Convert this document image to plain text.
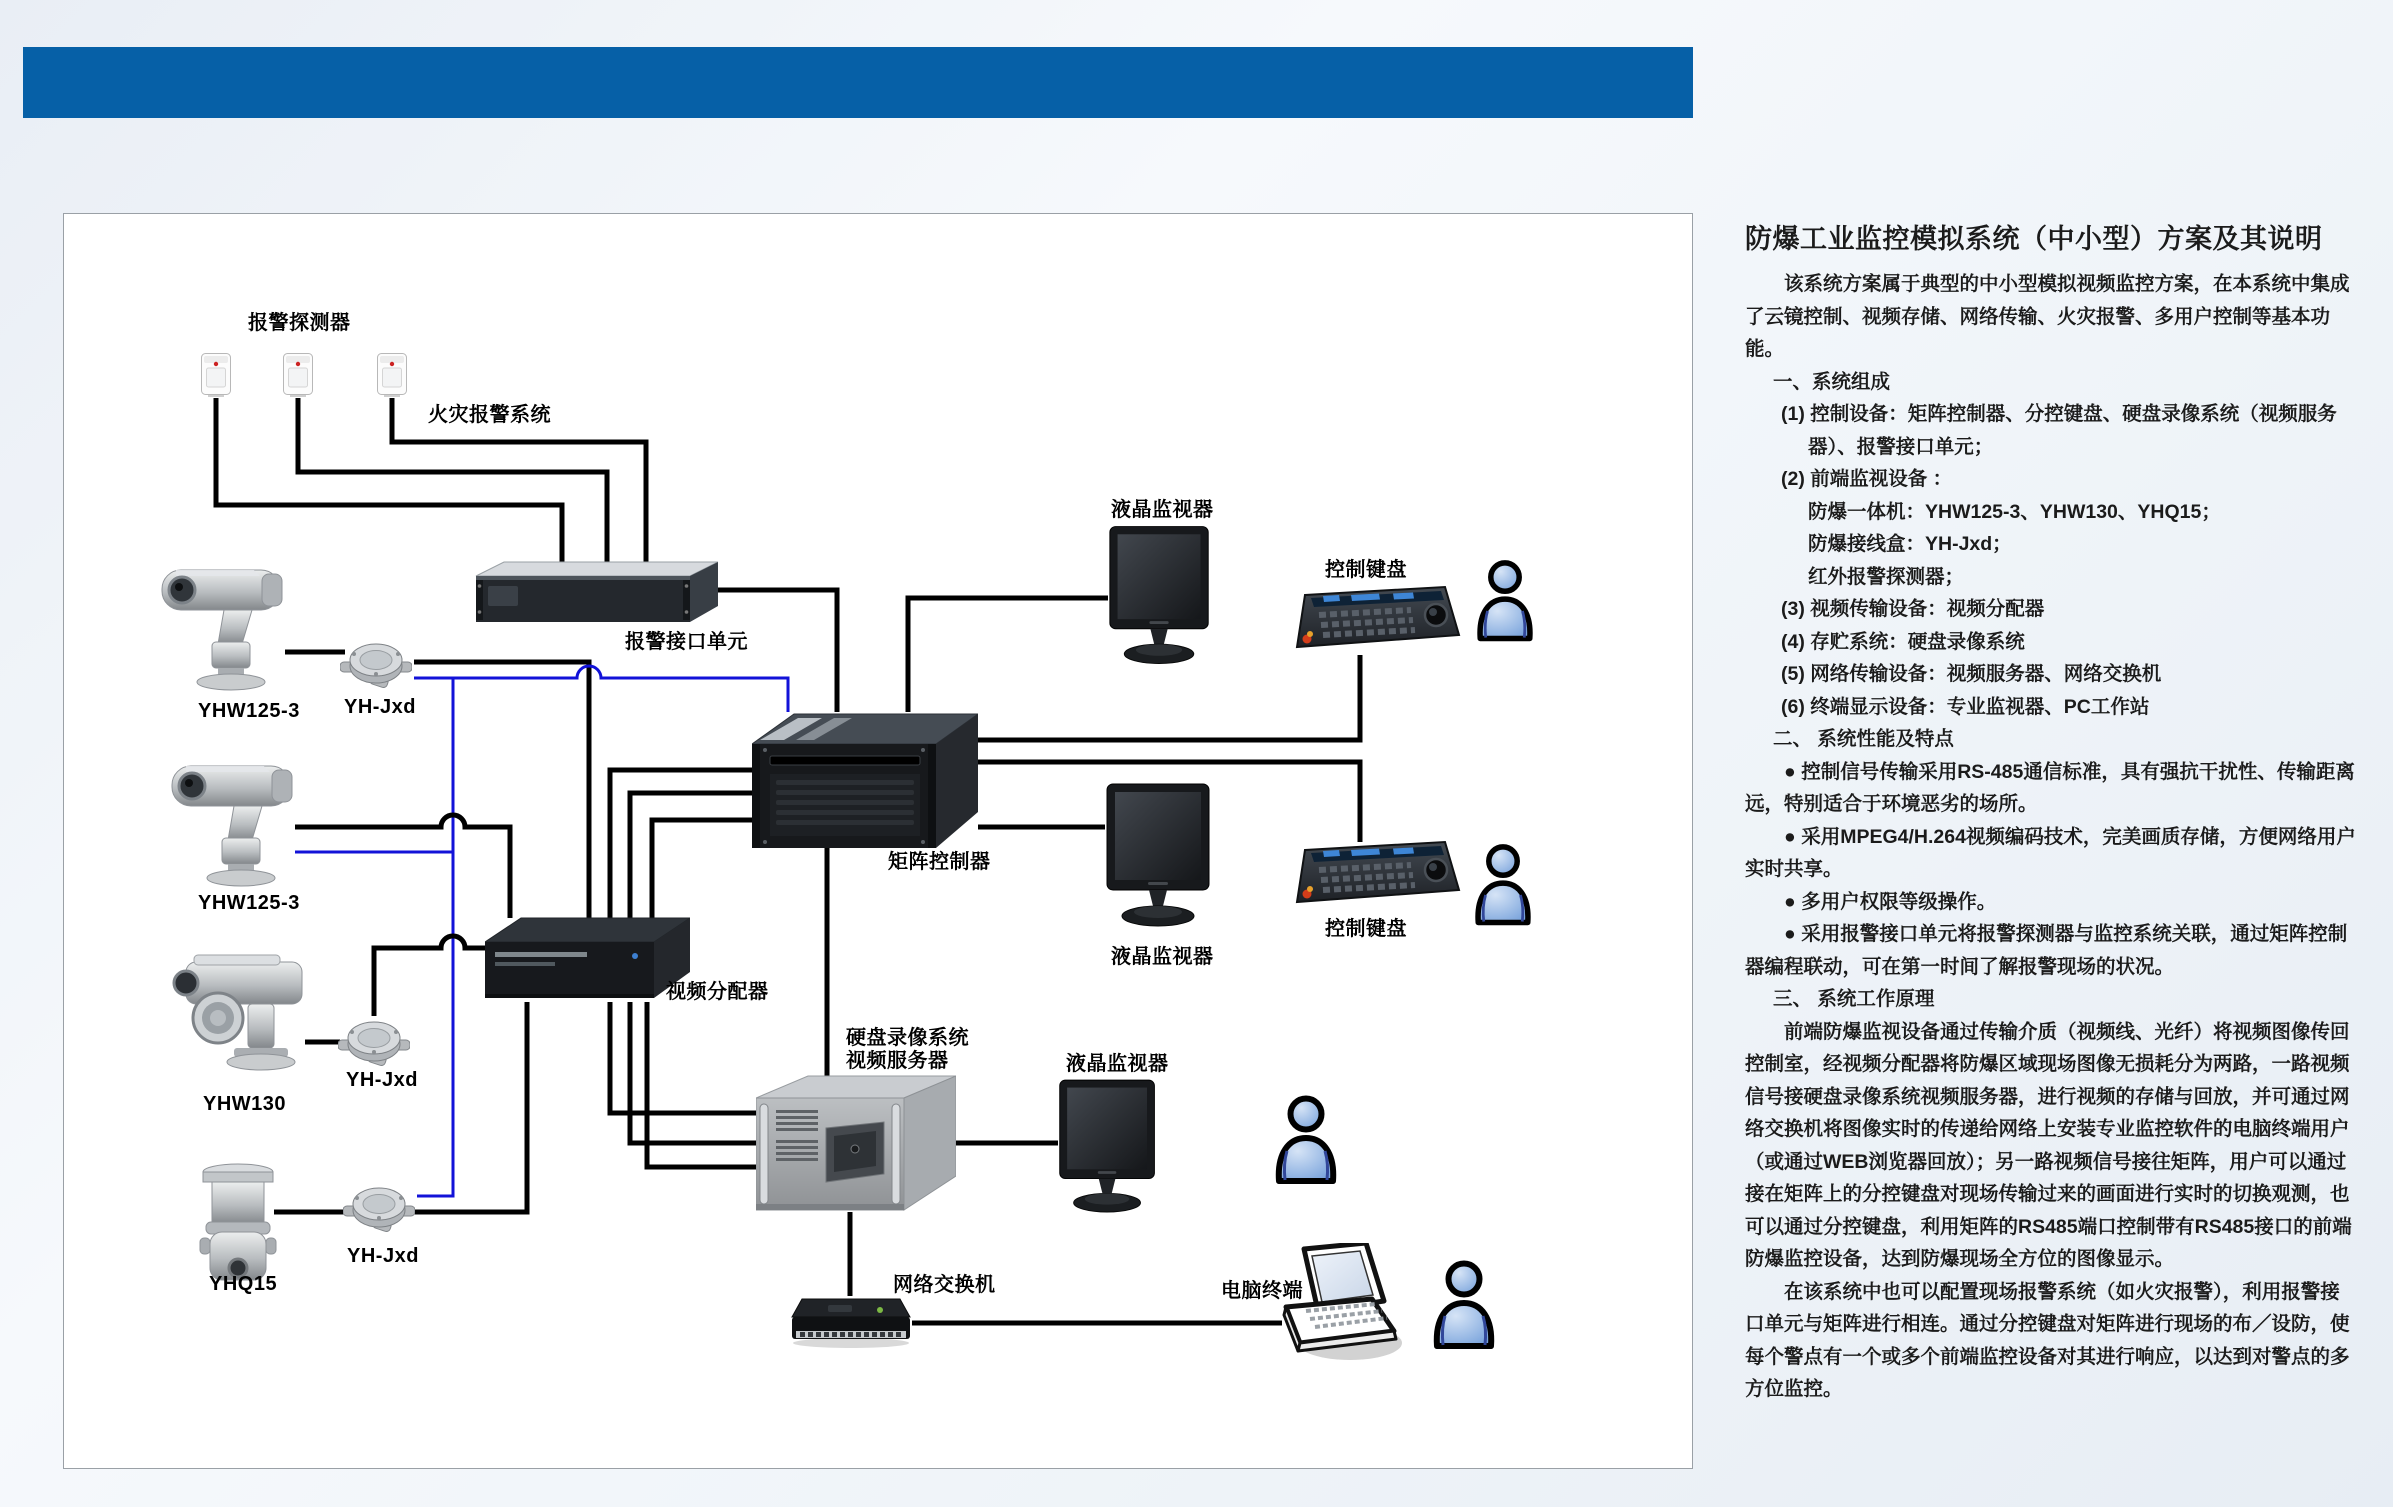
报警探测器
火灾报警系统
报警接口单元
YHW125-3 YH-Jxd
YHW125-3
YHW130
YH-Jxd
YHQ15
YH-Jxd
矩阵控制器
视频分配器
硬盘录像系统
视频服务器
液晶监视器
控制键盘
液晶监视器
控制键盘
液晶监视器
网络交换机	电脑终端
防爆工业监控模拟系统（中小型）方案及其说明

该系统方案属于典型的中小型模拟视频监控方案，在本系统中集成了云镜控制、视频存储、网络传输、火灾报警、多用户控制等基本功能。

一、系统组成

(1) 控制设备：矩阵控制器、分控键盘、硬盘录像系统（视频服务器）、报警接口单元；

(2) 前端监视设备 ：

防爆一体机：YHW125-3、YHW130、YHQ15；

防爆接线盒：YH-Jxd；

红外报警探测器；

(3) 视频传输设备：视频分配器

(4) 存贮系统：硬盘录像系统

(5) 网络传输设备：视频服务器、网络交换机

(6) 终端显示设备：专业监视器、PC工作站

二、 系统性能及特点

● 控制信号传输采用RS-485通信标准，具有强抗干扰性、传输距离远，特别适合于环境恶劣的场所。

● 采用MPEG4/H.264视频编码技术，完美画质存储，方便网络用户实时共享。

● 多用户权限等级操作。

● 采用报警接口单元将报警探测器与监控系统关联，通过矩阵控制器编程联动，可在第一时间了解报警现场的状况。

三、 系统工作原理

前端防爆监视设备通过传输介质（视频线、光纤）将视频图像传回控制室，经视频分配器将防爆区域现场图像无损耗分为两路，一路视频信号接硬盘录像系统视频服务器，进行视频的存储与回放，并可通过网络交换机将图像实时的传递给网络上安装专业监控软件的电脑终端用户（或通过WEB浏览器回放）；另一路视频信号接往矩阵，用户可以通过接在矩阵上的分控键盘对现场传输过来的画面进行实时的切换观测，也可以通过分控键盘，利用矩阵的RS485端口控制带有RS485接口的前端防爆监控设备，达到防爆现场全方位的图像显示。

在该系统中也可以配置现场报警系统（如火灾报警），利用报警接口单元与矩阵进行相连。通过分控键盘对矩阵进行现场的布／设防，使每个警点有一个或多个前端监控设备对其进行响应，以达到对警点的多方位监控。
